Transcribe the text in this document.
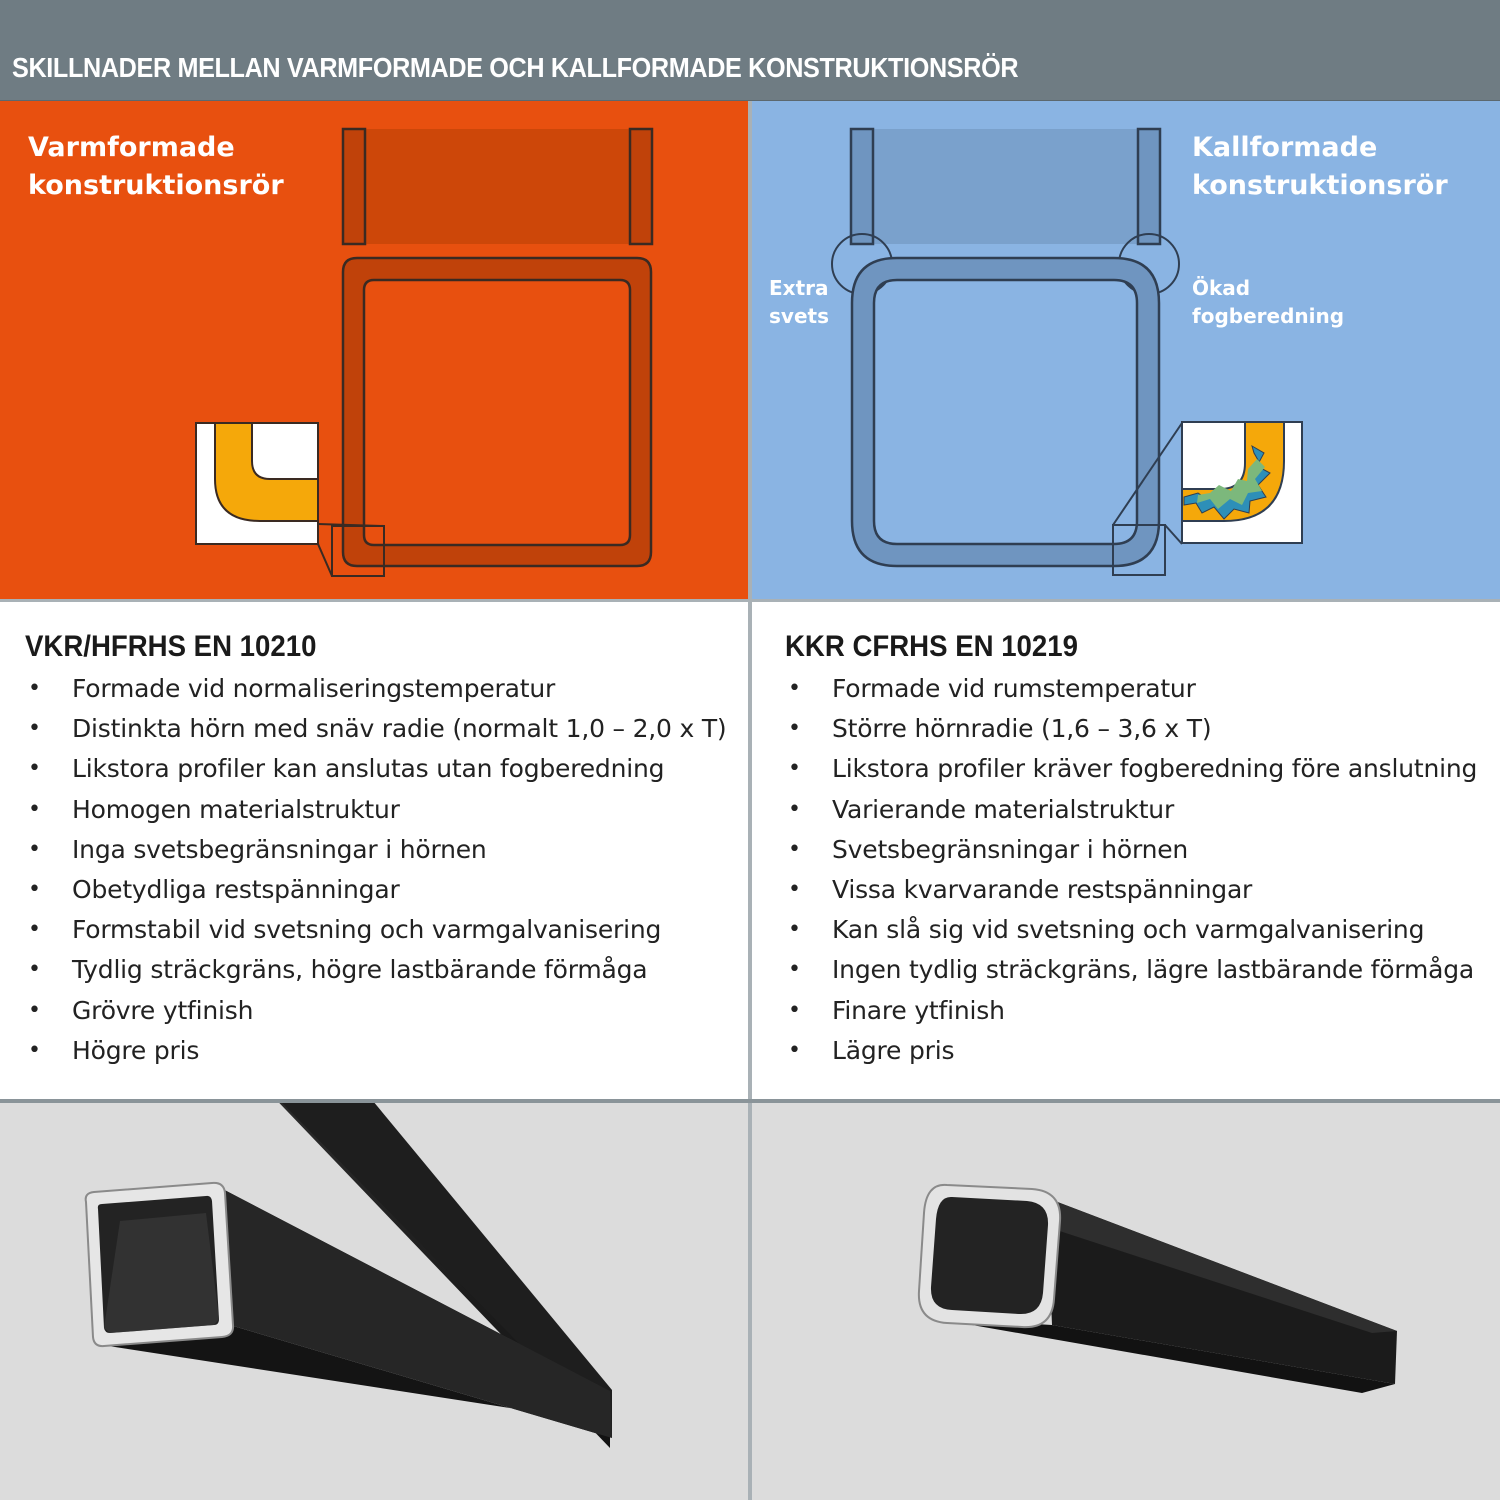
SKILLNADER MELLAN VARMFORMADE OCH KALLFORMADE KONSTRUKTIONSRÖR
Varmformade
konstruktionsrör
Kallformade
konstruktionsrör
Extra
svets
Ökad
fogberedning
VKR/HFRHS EN 10210
• Formade vid normaliseringstemperatur
• Distinkta hörn med snäv radie (normalt 1,0 – 2,0 x T)
• Likstora profiler kan anslutas utan fogberedning
• Homogen materialstruktur
• Inga svetsbegränsningar i hörnen
• Obetydliga restspänningar
• Formstabil vid svetsning och varmgalvanisering
• Tydlig sträckgräns, högre lastbärande förmåga
• Grövre ytfinish
• Högre pris
KKR CFRHS EN 10219
• Formade vid rumstemperatur
• Större hörnradie (1,6 – 3,6 x T)
• Likstora profiler kräver fogberedning före anslutning
• Varierande materialstruktur
• Svetsbegränsningar i hörnen
• Vissa kvarvarande restspänningar
• Kan slå sig vid svetsning och varmgalvanisering
• Ingen tydlig sträckgräns, lägre lastbärande förmåga
• Finare ytfinish
• Lägre pris
